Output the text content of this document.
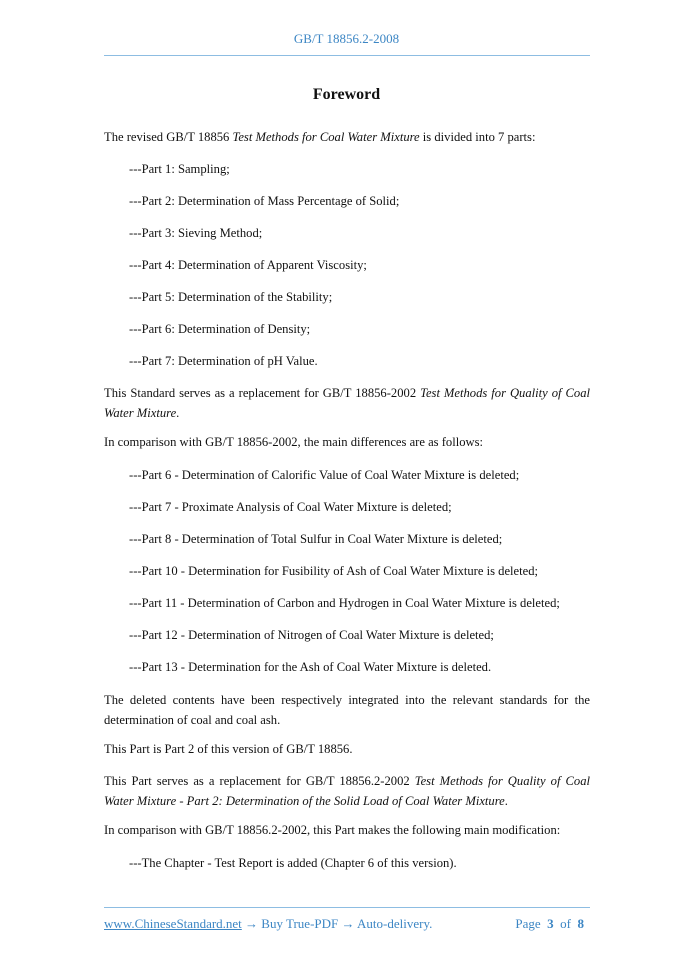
GB/T 18856.2-2008
Foreword
The revised GB/T 18856 Test Methods for Coal Water Mixture is divided into 7 parts:
---Part 1: Sampling;
---Part 2: Determination of Mass Percentage of Solid;
---Part 3: Sieving Method;
---Part 4: Determination of Apparent Viscosity;
---Part 5: Determination of the Stability;
---Part 6: Determination of Density;
---Part 7: Determination of pH Value.
This Standard serves as a replacement for GB/T 18856-2002 Test Methods for Quality of Coal Water Mixture.
In comparison with GB/T 18856-2002, the main differences are as follows:
---Part 6 - Determination of Calorific Value of Coal Water Mixture is deleted;
---Part 7 - Proximate Analysis of Coal Water Mixture is deleted;
---Part 8 - Determination of Total Sulfur in Coal Water Mixture is deleted;
---Part 10 - Determination for Fusibility of Ash of Coal Water Mixture is deleted;
---Part 11 - Determination of Carbon and Hydrogen in Coal Water Mixture is deleted;
---Part 12 - Determination of Nitrogen of Coal Water Mixture is deleted;
---Part 13 - Determination for the Ash of Coal Water Mixture is deleted.
The deleted contents have been respectively integrated into the relevant standards for the determination of coal and coal ash.
This Part is Part 2 of this version of GB/T 18856.
This Part serves as a replacement for GB/T 18856.2-2002 Test Methods for Quality of Coal Water Mixture - Part 2: Determination of the Solid Load of Coal Water Mixture.
In comparison with GB/T 18856.2-2002, this Part makes the following main modification:
---The Chapter - Test Report is added (Chapter 6 of this version).
www.ChineseStandard.net → Buy True-PDF → Auto-delivery.	Page 3 of 8
